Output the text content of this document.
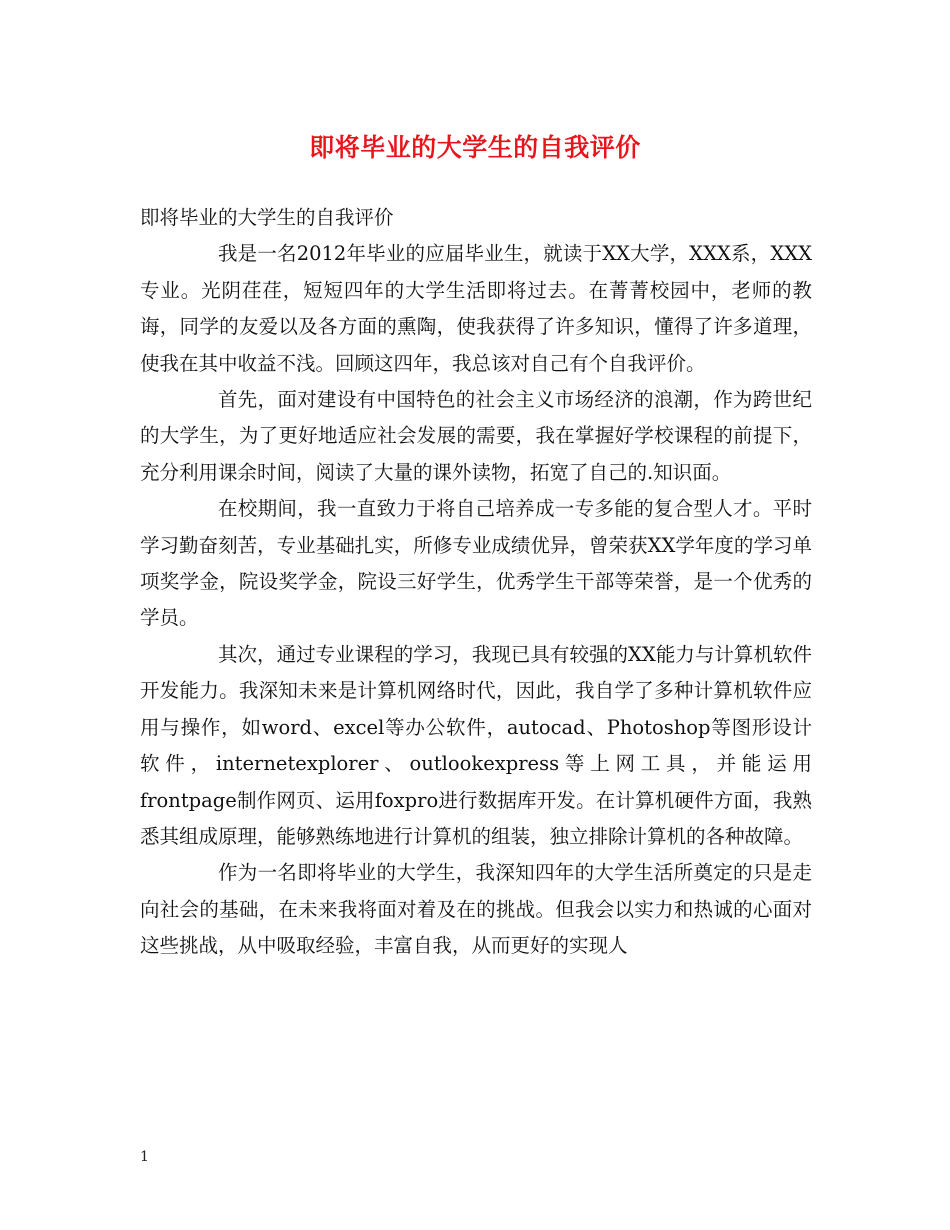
即将毕业的大学生的自我评价
即将毕业的大学生的自我评价

我是一名2012年毕业的应届毕业生，就读于XX大学，XXX系，XXX专业。光阴荏荏，短短四年的大学生活即将过去。在菁菁校园中，老师的教诲，同学的友爱以及各方面的熏陶，使我获得了许多知识，懂得了许多道理，使我在其中收益不浅。回顾这四年，我总该对自己有个自我评价。

首先，面对建设有中国特色的社会主义市场经济的浪潮，作为跨世纪的大学生，为了更好地适应社会发展的需要，我在掌握好学校课程的前提下，充分利用课余时间，阅读了大量的课外读物，拓宽了自己的.知识面。

在校期间，我一直致力于将自己培养成一专多能的复合型人才。平时学习勤奋刻苦，专业基础扎实，所修专业成绩优异，曾荣获XX学年度的学习单项奖学金，院设奖学金，院设三好学生，优秀学生干部等荣誉，是一个优秀的学员。

其次，通过专业课程的学习，我现已具有较强的XX能力与计算机软件开发能力。我深知未来是计算机网络时代，因此，我自学了多种计算机软件应用与操作，如word、excel等办公软件，autocad、Photoshop等图形设计软件，internetexplorer、outlookexpress等上网工具，并能运用frontpage制作网页、运用foxpro进行数据库开发。在计算机硬件方面，我熟悉其组成原理，能够熟练地进行计算机的组装，独立排除计算机的各种故障。

作为一名即将毕业的大学生，我深知四年的大学生活所奠定的只是走向社会的基础，在未来我将面对着及在的挑战。但我会以实力和热诚的心面对这些挑战，从中吸取经验，丰富自我，从而更好的实现人

1
